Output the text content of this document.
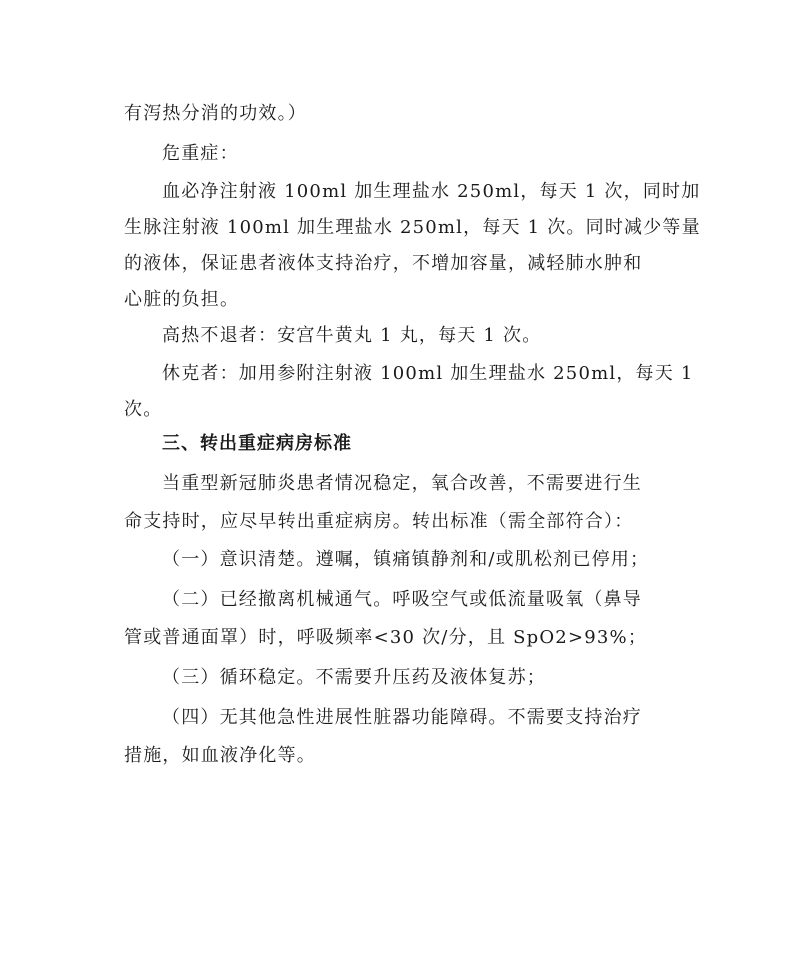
有泻热分消的功效。）
危重症：
血必净注射液 100ml 加生理盐水 250ml，每天 1 次，同时加
生脉注射液 100ml 加生理盐水 250ml，每天 1 次。同时减少等量
的液体，保证患者液体支持治疗，不增加容量，减轻肺水肿和
心脏的负担。
高热不退者：安宫牛黄丸 1 丸，每天 1 次。
休克者：加用参附注射液 100ml 加生理盐水 250ml，每天 1
次。
三、转出重症病房标准
当重型新冠肺炎患者情况稳定，氧合改善，不需要进行生
命支持时，应尽早转出重症病房。转出标准（需全部符合）：
（一）意识清楚。遵嘱，镇痛镇静剂和/或肌松剂已停用；
（二）已经撤离机械通气。呼吸空气或低流量吸氧（鼻导
管或普通面罩）时，呼吸频率<30 次/分，且 SpO2>93%；
（三）循环稳定。不需要升压药及液体复苏；
（四）无其他急性进展性脏器功能障碍。不需要支持治疗
措施，如血液净化等。
